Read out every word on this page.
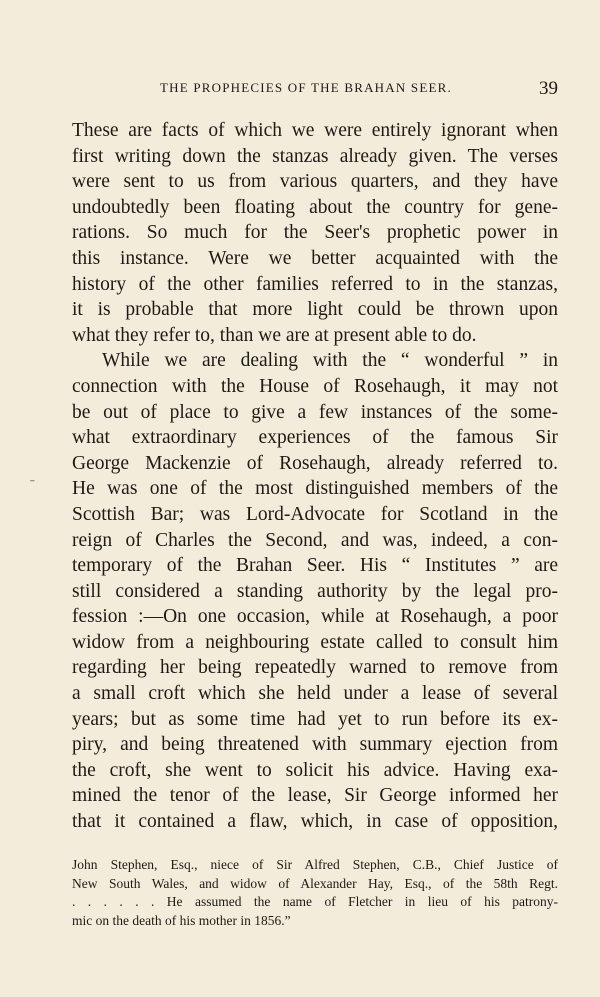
THE PROPHECIES OF THE BRAHAN SEER.	39
ˉ
These are facts of which we were entirely ignorant when
first writing down the stanzas already given. The verses
were sent to us from various quarters, and they have
undoubtedly been floating about the country for gene-
rations. So much for the Seer's prophetic power in
this instance. Were we better acquainted with the
history of the other families referred to in the stanzas,
it is probable that more light could be thrown upon
what they refer to, than we are at present able to do.
While we are dealing with the “ wonderful ” in
connection with the House of Rosehaugh, it may not
be out of place to give a few instances of the some-
what extraordinary experiences of the famous Sir
George Mackenzie of Rosehaugh, already referred to.
He was one of the most distinguished members of the
Scottish Bar; was Lord-Advocate for Scotland in the
reign of Charles the Second, and was, indeed, a con-
temporary of the Brahan Seer. His “ Institutes ” are
still considered a standing authority by the legal pro-
fession :—On one occasion, while at Rosehaugh, a poor
widow from a neighbouring estate called to consult him
regarding her being repeatedly warned to remove from
a small croft which she held under a lease of several
years; but as some time had yet to run before its ex-
piry, and being threatened with summary ejection from
the croft, she went to solicit his advice. Having exa-
mined the tenor of the lease, Sir George informed her
that it contained a flaw, which, in case of opposition,
John Stephen, Esq., niece of Sir Alfred Stephen, C.B., Chief Justice of
New South Wales, and widow of Alexander Hay, Esq., of the 58th Regt.
. . . . . . He assumed the name of Fletcher in lieu of his patrony-
mic on the death of his mother in 1856.”
